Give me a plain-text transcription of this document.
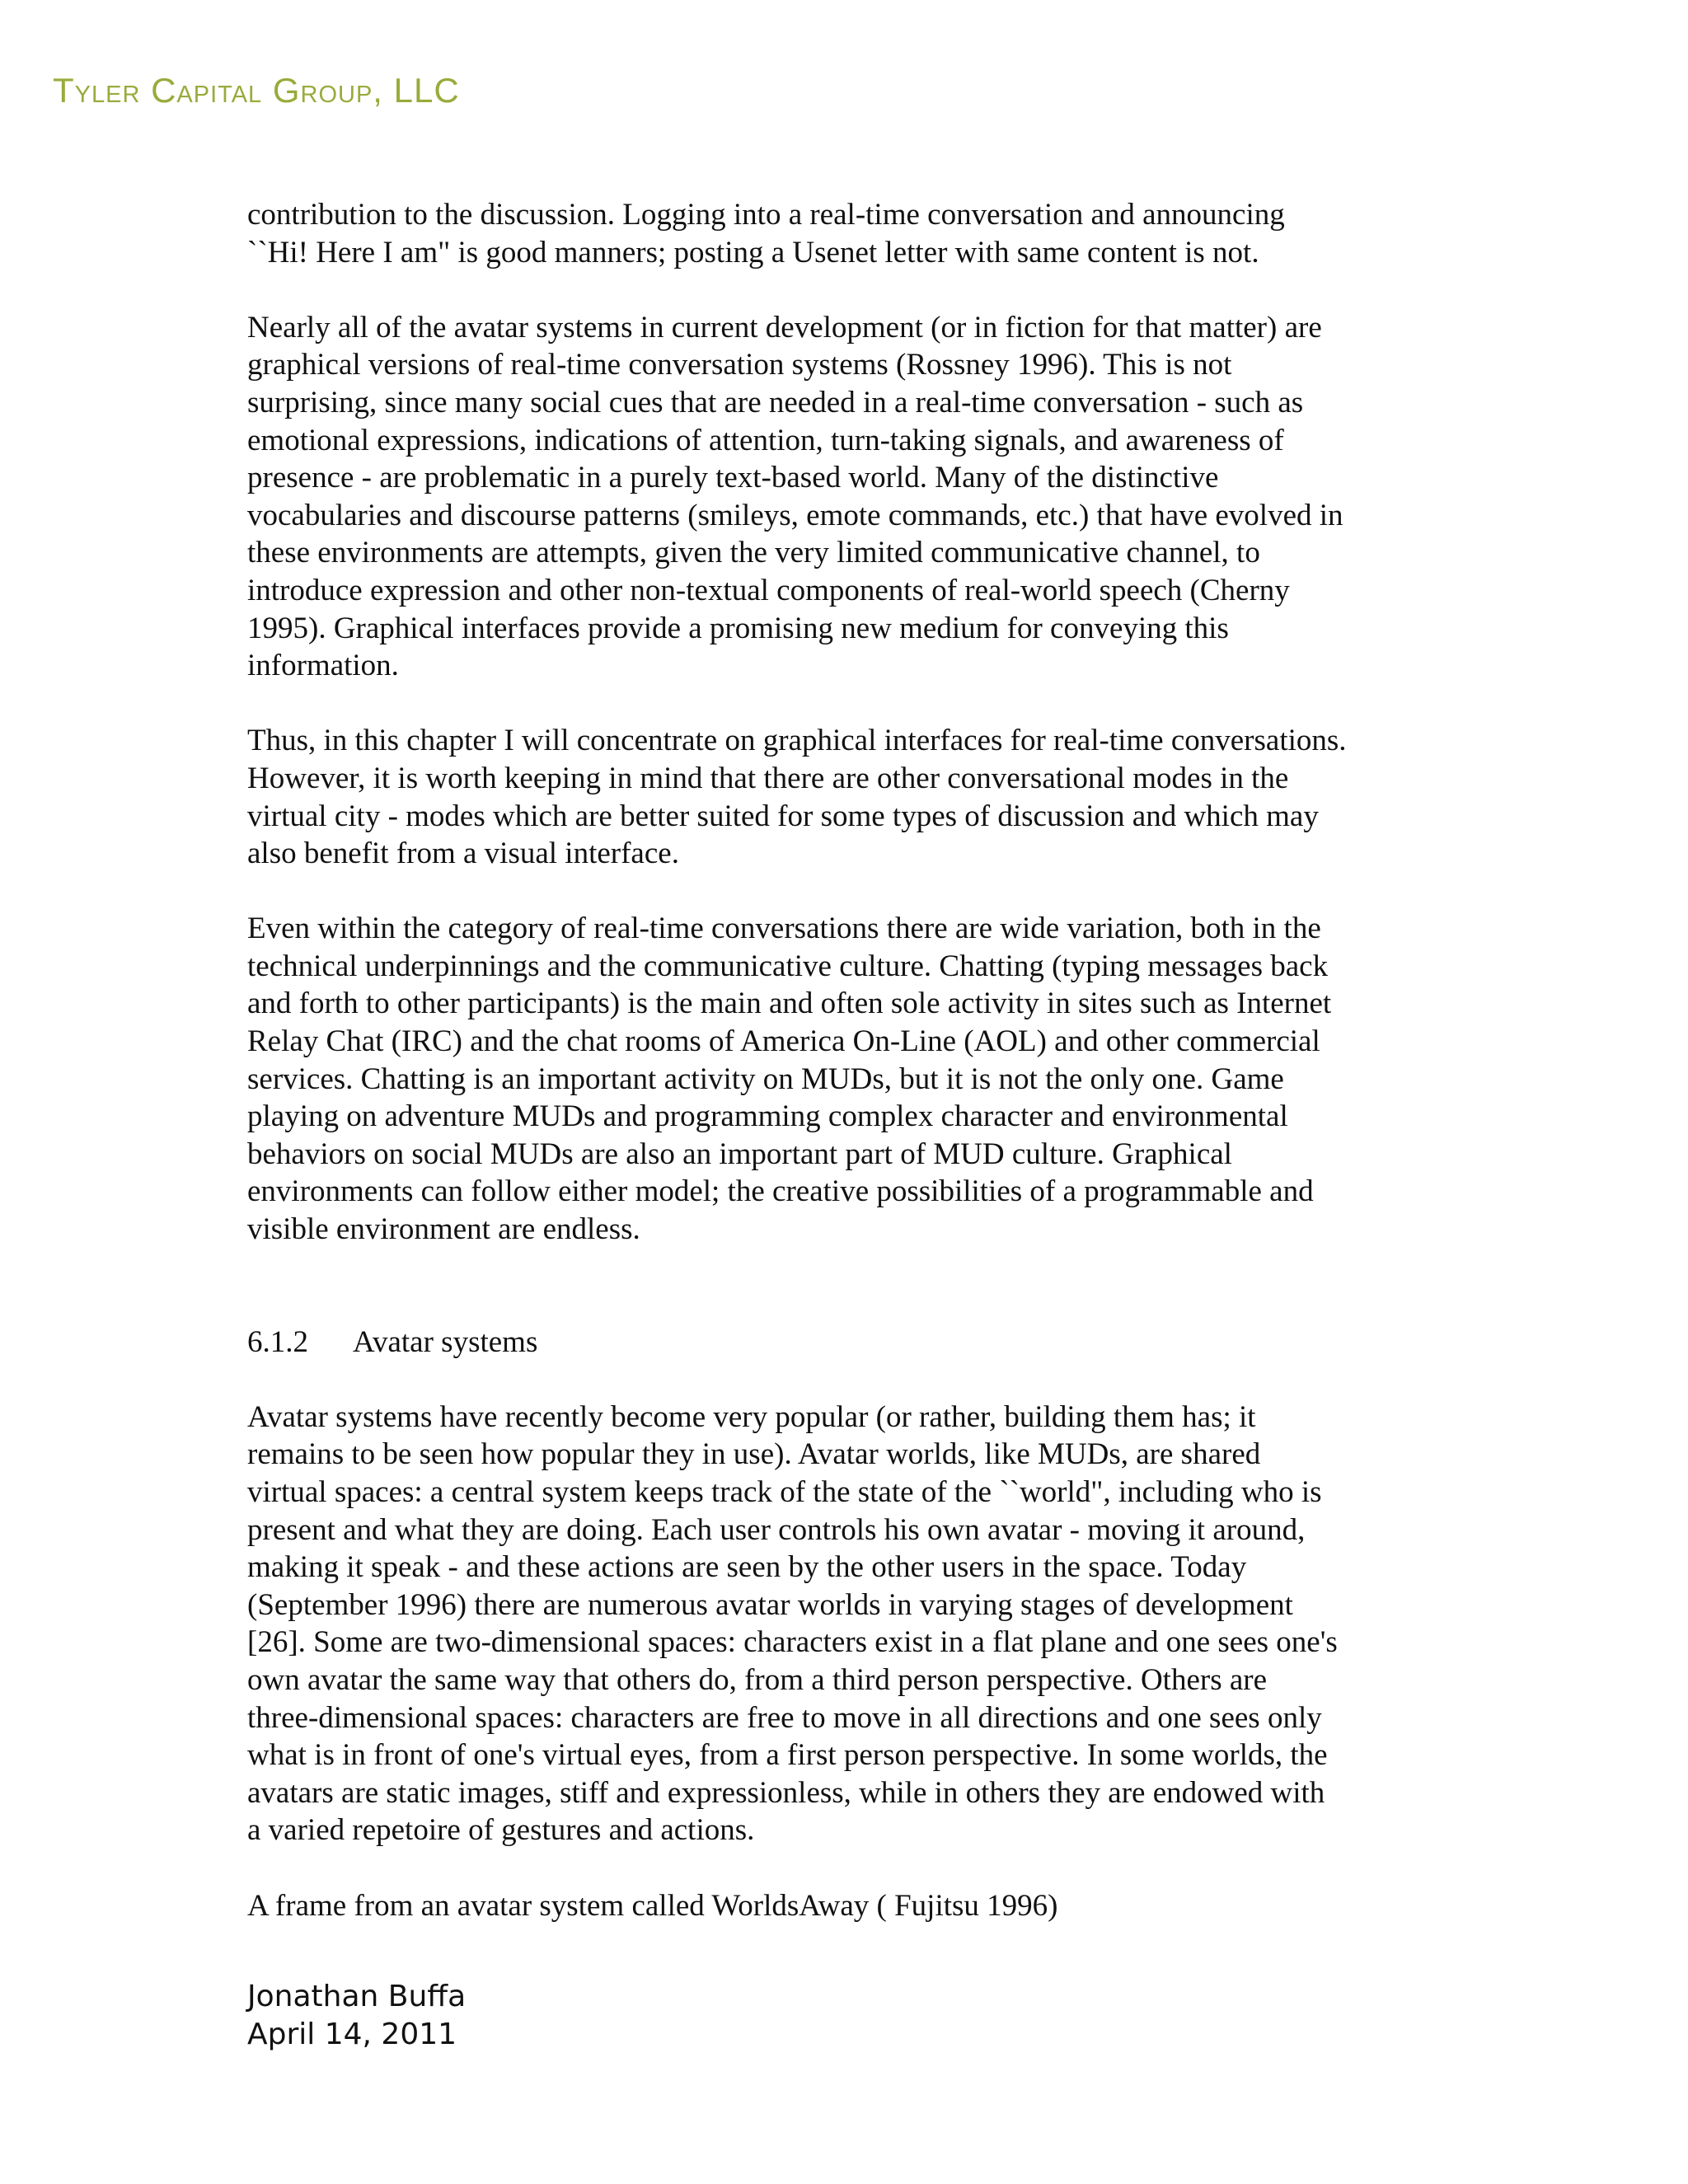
Tyler Capital Group, LLC

contribution to the discussion. Logging into a real-time conversation and announcing
``Hi! Here I am" is good manners; posting a Usenet letter with same content is not.

Nearly all of the avatar systems in current development (or in fiction for that matter) are
graphical versions of real-time conversation systems (Rossney 1996). This is not
surprising, since many social cues that are needed in a real-time conversation - such as
emotional expressions, indications of attention, turn-taking signals, and awareness of
presence - are problematic in a purely text-based world. Many of the distinctive
vocabularies and discourse patterns (smileys, emote commands, etc.) that have evolved in
these environments are attempts, given the very limited communicative channel, to
introduce expression and other non-textual components of real-world speech (Cherny
1995). Graphical interfaces provide a promising new medium for conveying this
information.

Thus, in this chapter I will concentrate on graphical interfaces for real-time conversations.
However, it is worth keeping in mind that there are other conversational modes in the
virtual city - modes which are better suited for some types of discussion and which may
also benefit from a visual interface.

Even within the category of real-time conversations there are wide variation, both in the
technical underpinnings and the communicative culture. Chatting (typing messages back
and forth to other participants) is the main and often sole activity in sites such as Internet
Relay Chat (IRC) and the chat rooms of America On-Line (AOL) and other commercial
services. Chatting is an important activity on MUDs, but it is not the only one. Game
playing on adventure MUDs and programming complex character and environmental
behaviors on social MUDs are also an important part of MUD culture. Graphical
environments can follow either model; the creative possibilities of a programmable and
visible environment are endless.

6.1.2 Avatar systems

Avatar systems have recently become very popular (or rather, building them has; it
remains to be seen how popular they in use). Avatar worlds, like MUDs, are shared
virtual spaces: a central system keeps track of the state of the ``world", including who is
present and what they are doing. Each user controls his own avatar - moving it around,
making it speak - and these actions are seen by the other users in the space. Today
(September 1996) there are numerous avatar worlds in varying stages of development
[26]. Some are two-dimensional spaces: characters exist in a flat plane and one sees one's
own avatar the same way that others do, from a third person perspective. Others are
three-dimensional spaces: characters are free to move in all directions and one sees only
what is in front of one's virtual eyes, from a first person perspective. In some worlds, the
avatars are static images, stiff and expressionless, while in others they are endowed with
a varied repetoire of gestures and actions.

A frame from an avatar system called WorldsAway ( Fujitsu 1996)

Jonathan Buffa
April 14, 2011
